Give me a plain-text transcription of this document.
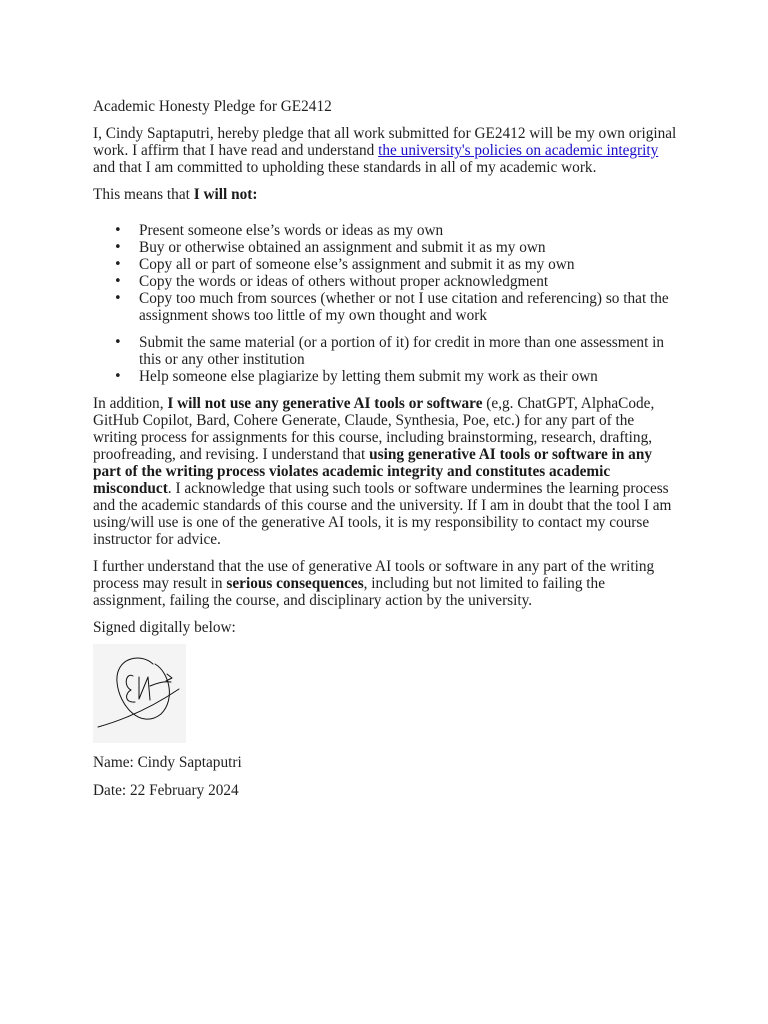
Academic Honesty Pledge for GE2412

I, Cindy Saptaputri, hereby pledge that all work submitted for GE2412 will be my own original work. I affirm that I have read and understand the university's policies on academic integrity and that I am committed to upholding these standards in all of my academic work.

This means that I will not:

• Present someone else’s words or ideas as my own
• Buy or otherwise obtained an assignment and submit it as my own
• Copy all or part of someone else’s assignment and submit it as my own
• Copy the words or ideas of others without proper acknowledgment
• Copy too much from sources (whether or not I use citation and referencing) so that the assignment shows too little of my own thought and work
• Submit the same material (or a portion of it) for credit in more than one assessment in this or any other institution
• Help someone else plagiarize by letting them submit my work as their own

In addition, I will not use any generative AI tools or software (e,g. ChatGPT, AlphaCode, GitHub Copilot, Bard, Cohere Generate, Claude, Synthesia, Poe, etc.) for any part of the writing process for assignments for this course, including brainstorming, research, drafting, proofreading, and revising. I understand that using generative AI tools or software in any part of the writing process violates academic integrity and constitutes academic misconduct. I acknowledge that using such tools or software undermines the learning process and the academic standards of this course and the university. If I am in doubt that the tool I am using/will use is one of the generative AI tools, it is my responsibility to contact my course instructor for advice.

I further understand that the use of generative AI tools or software in any part of the writing process may result in serious consequences, including but not limited to failing the assignment, failing the course, and disciplinary action by the university.

Signed digitally below:

Name: Cindy Saptaputri

Date: 22 February 2024
